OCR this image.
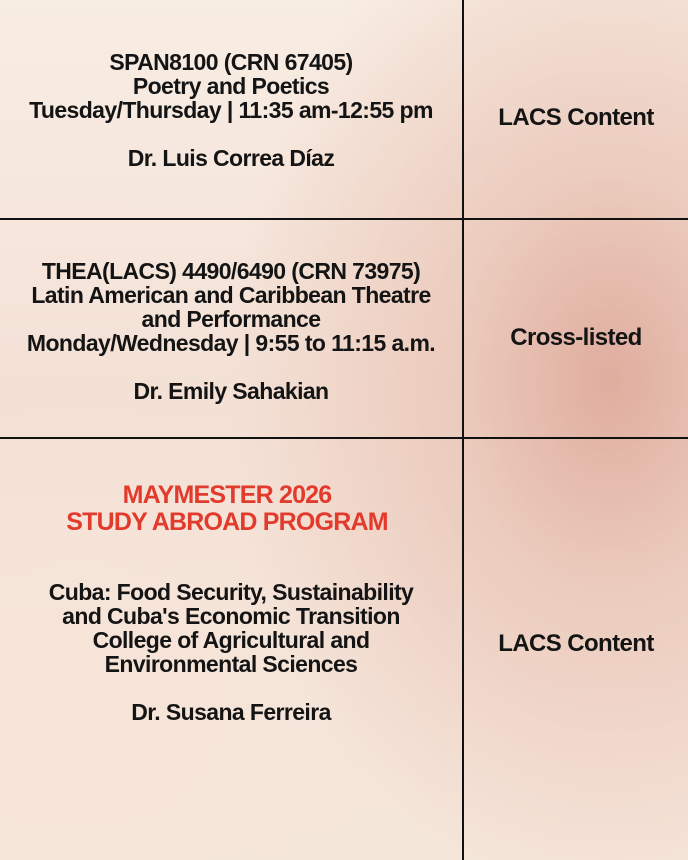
SPAN8100 (CRN 67405)
Poetry and Poetics
Tuesday/Thursday | 11:35 am-12:55 pm
Dr. Luis Correa Díaz
LACS Content
THEA(LACS) 4490/6490 (CRN 73975)
Latin American and Caribbean Theatre
and Performance
Monday/Wednesday | 9:55 to 11:15 a.m.
Dr. Emily Sahakian
Cross-listed
MAYMESTER 2026
STUDY ABROAD PROGRAM
Cuba: Food Security, Sustainability
and Cuba's Economic Transition
College of Agricultural and
Environmental Sciences
Dr. Susana Ferreira
LACS Content
